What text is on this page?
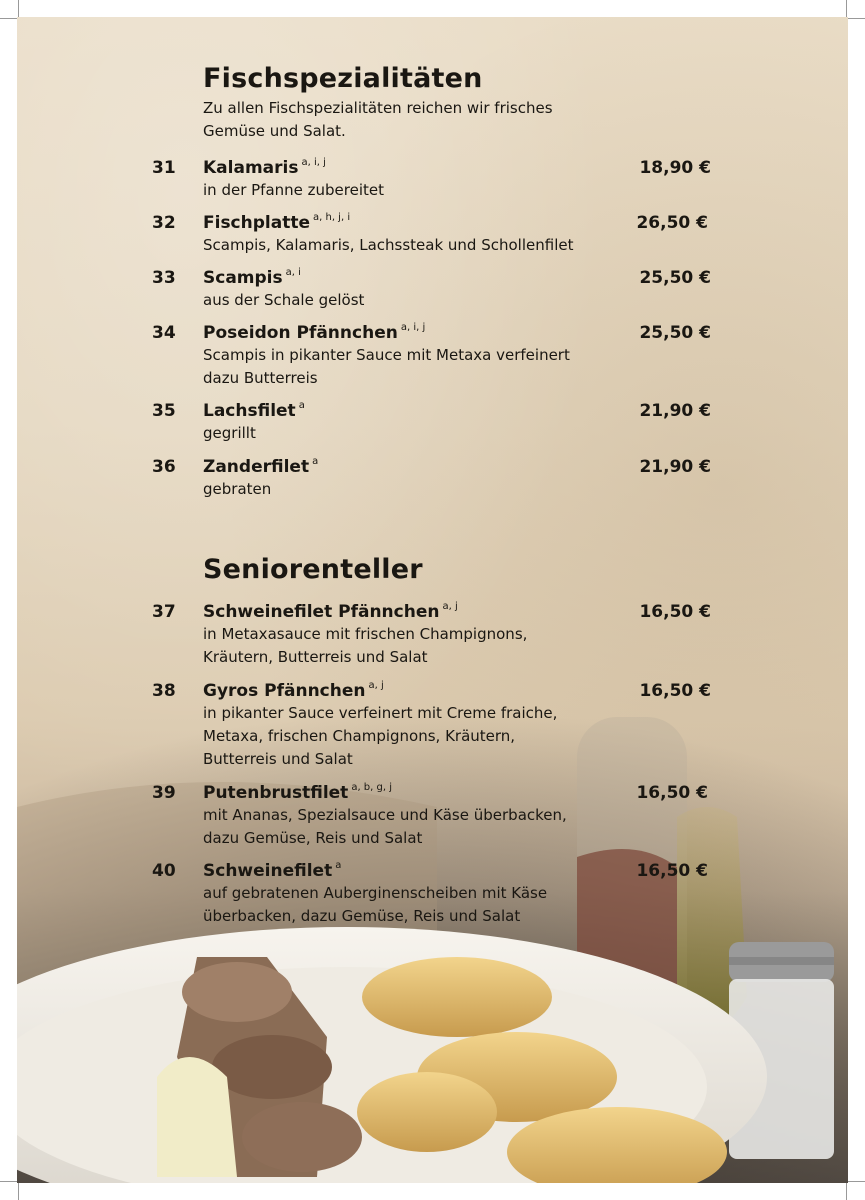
Fischspezialitäten
Zu allen Fischspezialitäten reichen wir frisches
Gemüse und Salat.
31 Kalamaris $^{a, i, j}$	18,90 €
in der Pfanne zubereitet
32 Fischplatte $^{a, h, j, i}$	26,50 €
Scampis, Kalamaris, Lachssteak und Schollenfilet
33 Scampis $^{a, i}$	25,50 €
aus der Schale gelöst
34 Poseidon Pfännchen $^{a, i, j}$	25,50 €
Scampis in pikanter Sauce mit Metaxa verfeinert
dazu Butterreis
35 Lachsfilet $^a$	21,90 €
gegrillt
36 Zanderfilet $^a$	21,90 €
gebraten
Seniorenteller
37 Schweinefilet Pfännchen $^{a, j}$	16,50 €
in Metaxasauce mit frischen Champignons,
Kräutern, Butterreis und Salat
38 Gyros Pfännchen $^{a, j}$	16,50 €
in pikanter Sauce verfeinert mit Creme fraiche,
Metaxa, frischen Champignons, Kräutern,
Butterreis und Salat
39 Putenbrustfilet $^{a, b, g, j}$	16,50 €
mit Ananas, Spezialsauce und Käse überbacken,
dazu Gemüse, Reis und Salat
40 Schweinefilet $^a$	16,50 €
auf gebratenen Auberginenscheiben mit Käse
überbacken, dazu Gemüse, Reis und Salat
